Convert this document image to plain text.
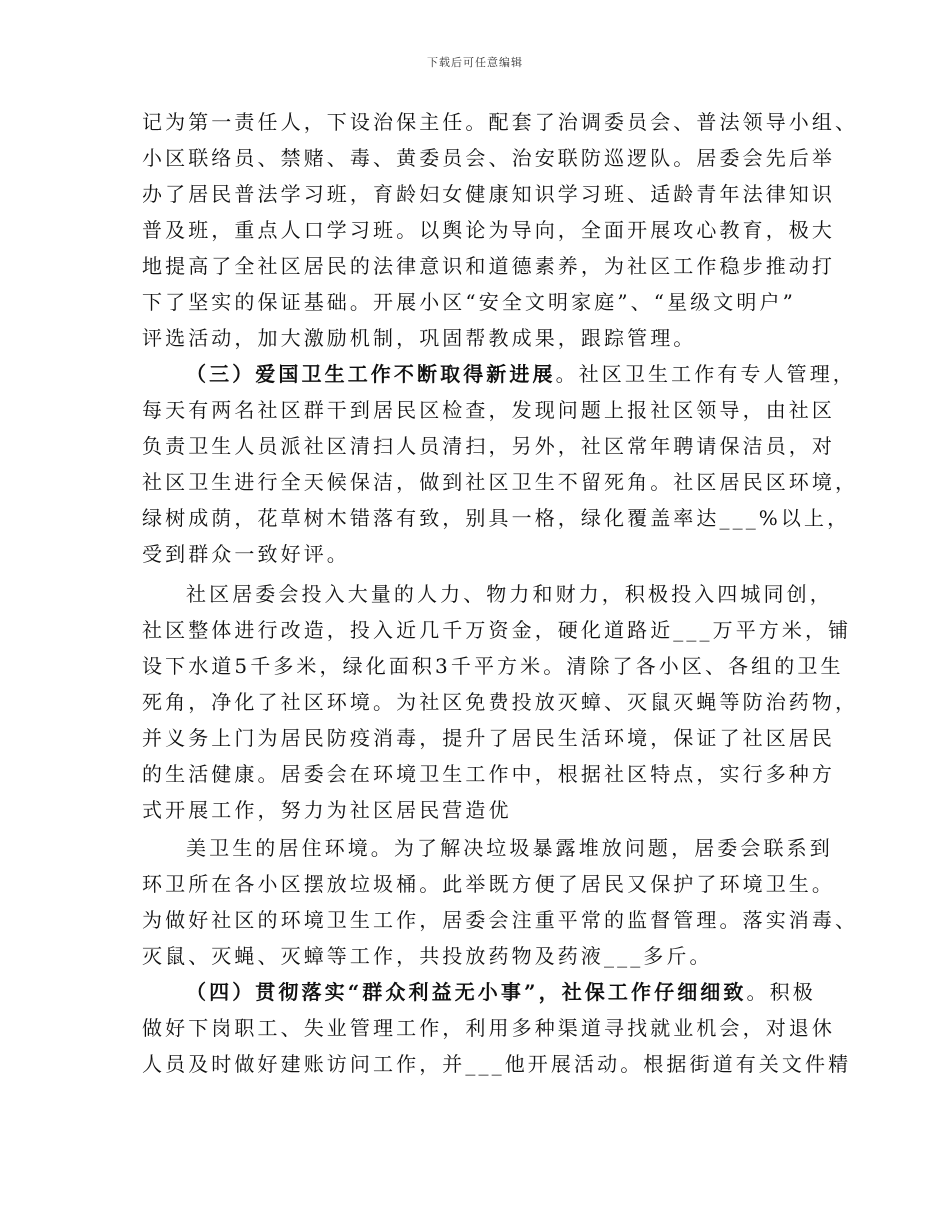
下载后可任意编辑
记为第一责任人，下设治保主任。配套了治调委员会、普法领导小组、
小区联络员、禁赌、毒、黄委员会、治安联防巡逻队。居委会先后举
办了居民普法学习班，育龄妇女健康知识学习班、适龄青年法律知识
普及班，重点人口学习班。以舆论为导向，全面开展攻心教育，极大
地提高了全社区居民的法律意识和道德素养，为社区工作稳步推动打
下了坚实的保证基础。开展小区“安全文明家庭”、“星级文明户”
评选活动，加大激励机制，巩固帮教成果，跟踪管理。
（三）爱国卫生工作不断取得新进展。社区卫生工作有专人管理，
每天有两名社区群干到居民区检查，发现问题上报社区领导，由社区
负责卫生人员派社区清扫人员清扫，另外，社区常年聘请保洁员，对
社区卫生进行全天候保洁，做到社区卫生不留死角。社区居民区环境，
绿树成荫，花草树木错落有致，别具一格，绿化覆盖率达___%以上，
受到群众一致好评。
社区居委会投入大量的人力、物力和财力，积极投入四城同创，
社区整体进行改造，投入近几千万资金，硬化道路近___万平方米，铺
设下水道5千多米，绿化面积3千平方米。清除了各小区、各组的卫生
死角，净化了社区环境。为社区免费投放灭蟑、灭鼠灭蝇等防治药物，
并义务上门为居民防疫消毒，提升了居民生活环境，保证了社区居民
的生活健康。居委会在环境卫生工作中，根据社区特点，实行多种方
式开展工作，努力为社区居民营造优
美卫生的居住环境。为了解决垃圾暴露堆放问题，居委会联系到
环卫所在各小区摆放垃圾桶。此举既方便了居民又保护了环境卫生。
为做好社区的环境卫生工作，居委会注重平常的监督管理。落实消毒、
灭鼠、灭蝇、灭蟑等工作，共投放药物及药液___多斤。
（四）贯彻落实“群众利益无小事”，社保工作仔细细致。积极
做好下岗职工、失业管理工作，利用多种渠道寻找就业机会，对退休
人员及时做好建账访问工作，并___他开展活动。根据街道有关文件精
